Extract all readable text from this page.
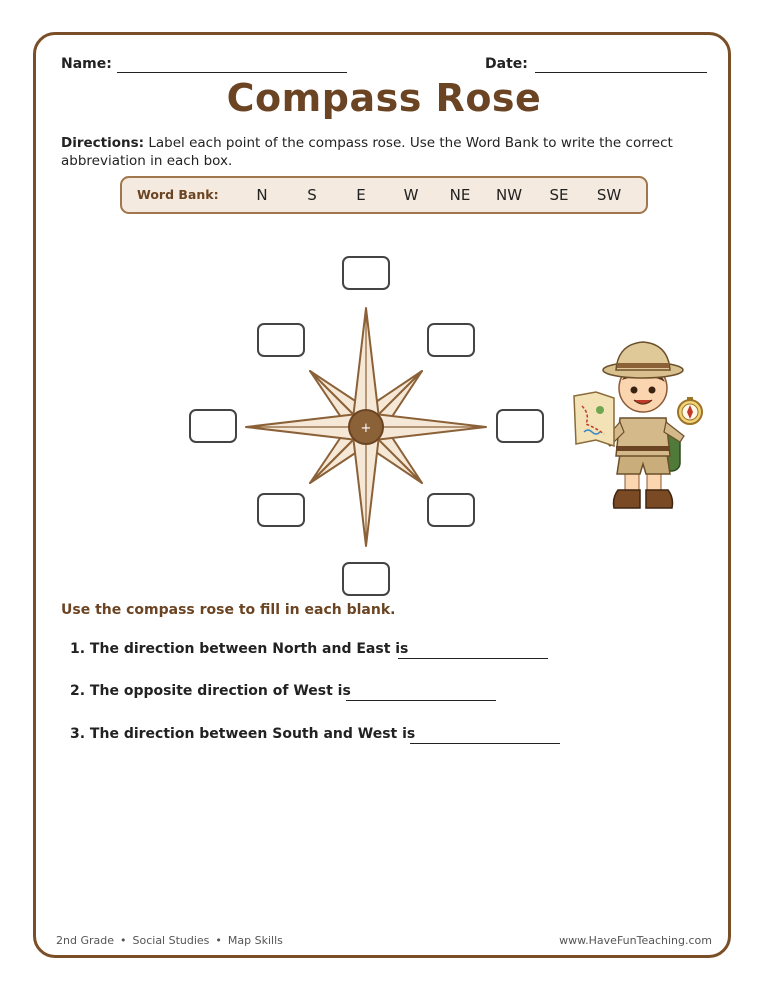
Name:	Date:
Compass Rose
Directions: Label each point of the compass rose. Use the Word Bank to write the correct abbreviation in each box.
Word Bank:	N	S	E	W	NE	NW	SE	SW
+
Use the compass rose to fill in each blank.
1. The direction between North and East is
2. The opposite direction of West is
3. The direction between South and West is
2nd Grade • Social Studies • Map Skills	www.HaveFunTeaching.com
